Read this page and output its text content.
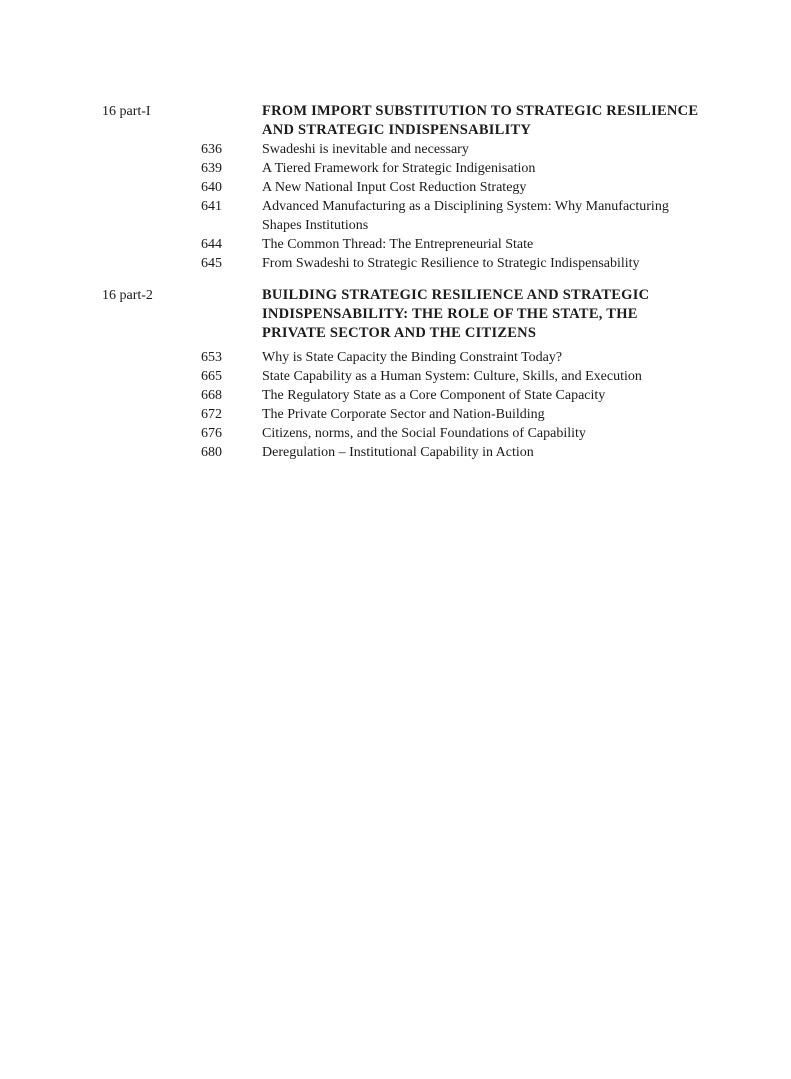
16 part-I	FROM IMPORT SUBSTITUTION TO STRATEGIC RESILIENCE
AND STRATEGIC INDISPENSABILITY
636	Swadeshi is inevitable and necessary
639	A Tiered Framework for Strategic Indigenisation
640	A New National Input Cost Reduction Strategy
641	Advanced Manufacturing as a Disciplining System: Why Manufacturing Shapes Institutions
644	The Common Thread: The Entrepreneurial State
645	From Swadeshi to Strategic Resilience to Strategic Indispensability
16 part-2	BUILDING STRATEGIC RESILIENCE AND STRATEGIC
INDISPENSABILITY: THE ROLE OF THE STATE, THE
PRIVATE SECTOR AND THE CITIZENS
653	Why is State Capacity the Binding Constraint Today?
665	State Capability as a Human System: Culture, Skills, and Execution
668	The Regulatory State as a Core Component of State Capacity
672	The Private Corporate Sector and Nation-Building
676	Citizens, norms, and the Social Foundations of Capability
680	Deregulation – Institutional Capability in Action
